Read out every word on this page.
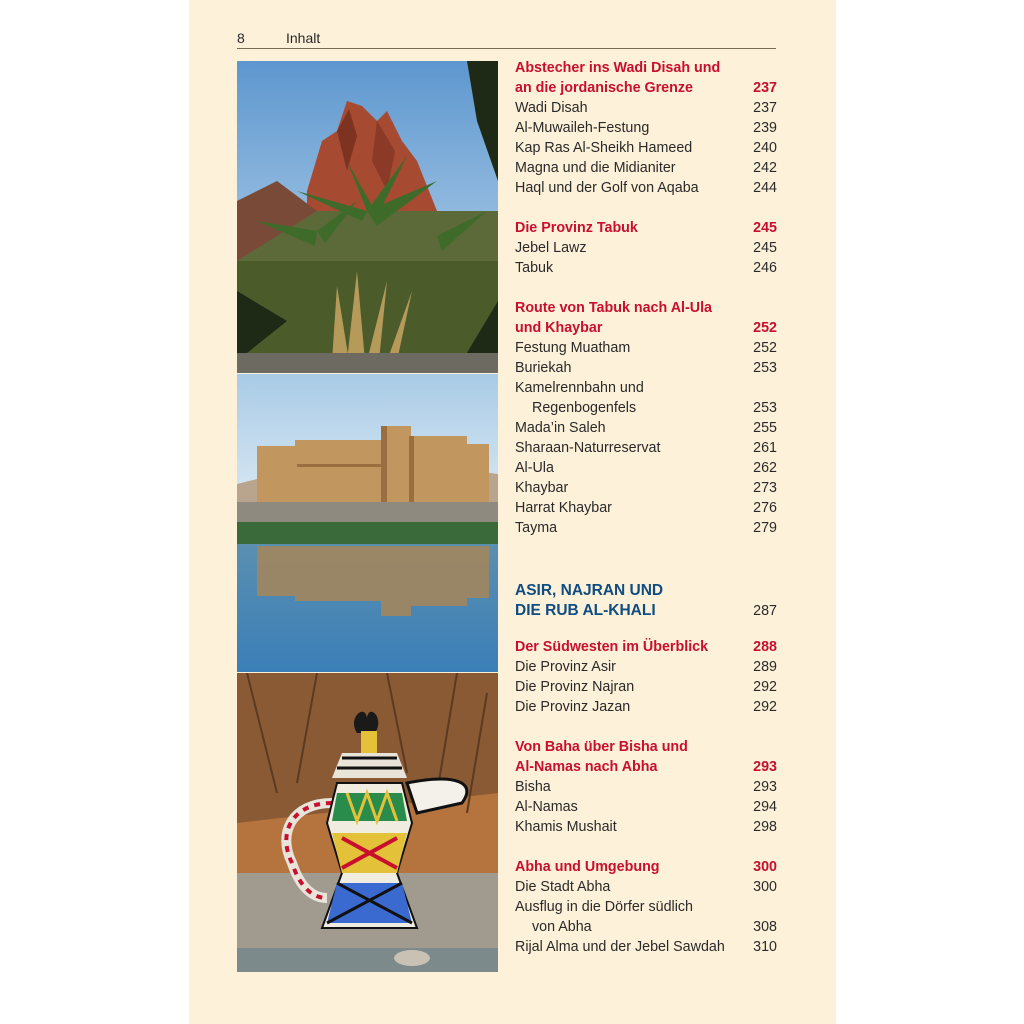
8	Inhalt
Abstecher ins Wadi Disah und
an die jordanische Grenze	237
Wadi Disah	237
Al-Muwaileh-Festung	239
Kap Ras Al-Sheikh Hameed	240
Magna und die Midianiter	242
Haql und der Golf von Aqaba	244
Die Provinz Tabuk	245
Jebel Lawz	245
Tabuk	246
Route von Tabuk nach Al-Ula
und Khaybar	252
Festung Muatham	252
Buriekah	253
Kamelrennbahn und
Regenbogenfels	253
Mada’in Saleh	255
Sharaan-Naturreservat	261
Al-Ula	262
Khaybar	273
Harrat Khaybar	276
Tayma	279
ASIR, NAJRAN UND
DIE RUB AL-KHALI	287
Der Südwesten im Überblick	288
Die Provinz Asir	289
Die Provinz Najran	292
Die Provinz Jazan	292
Von Baha über Bisha und
Al-Namas nach Abha	293
Bisha	293
Al-Namas	294
Khamis Mushait	298
Abha und Umgebung	300
Die Stadt Abha	300
Ausflug in die Dörfer südlich
von Abha	308
Rijal Alma und der Jebel Sawdah 310
